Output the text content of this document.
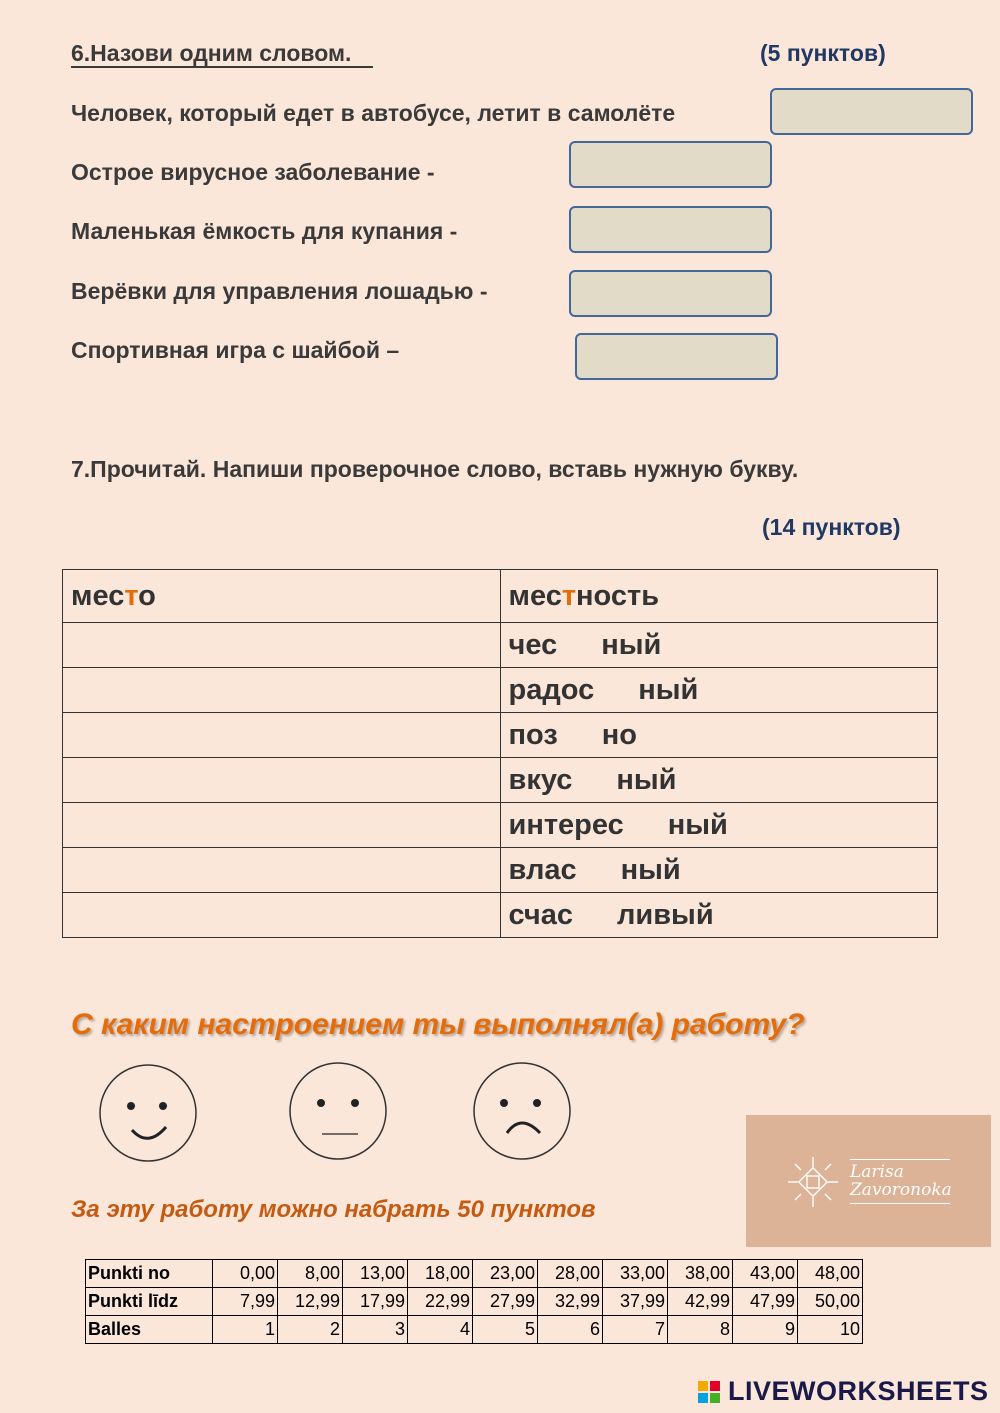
6.Назови одним словом.	(5 пунктов)
Человек, который едет в автобусе, летит в самолёте
Острое вирусное заболевание -
Маленькая ёмкость для купания -
Верёвки для управления лошадью -
Спортивная игра с шайбой –
7.Прочитай. Напиши проверочное слово, вставь нужную букву.
(14 пунктов)
место	местность
	чес ный
	радос ный
	поз но
	вкус ный
	интерес ный
	влас ный
	счас ливый
С каким настроением ты выполнял(а) работу?
Larisa
Zavoronoka
За эту работу можно набрать 50 пунктов
Punkti no	0,00	8,00	13,00	18,00	23,00	28,00	33,00	38,00	43,00	48,00
Punkti līdz	7,99	12,99	17,99	22,99	27,99	32,99	37,99	42,99	47,99	50,00
Balles	1	2	3	4	5	6	7	8	9	10
LIVEWORKSHEETS
